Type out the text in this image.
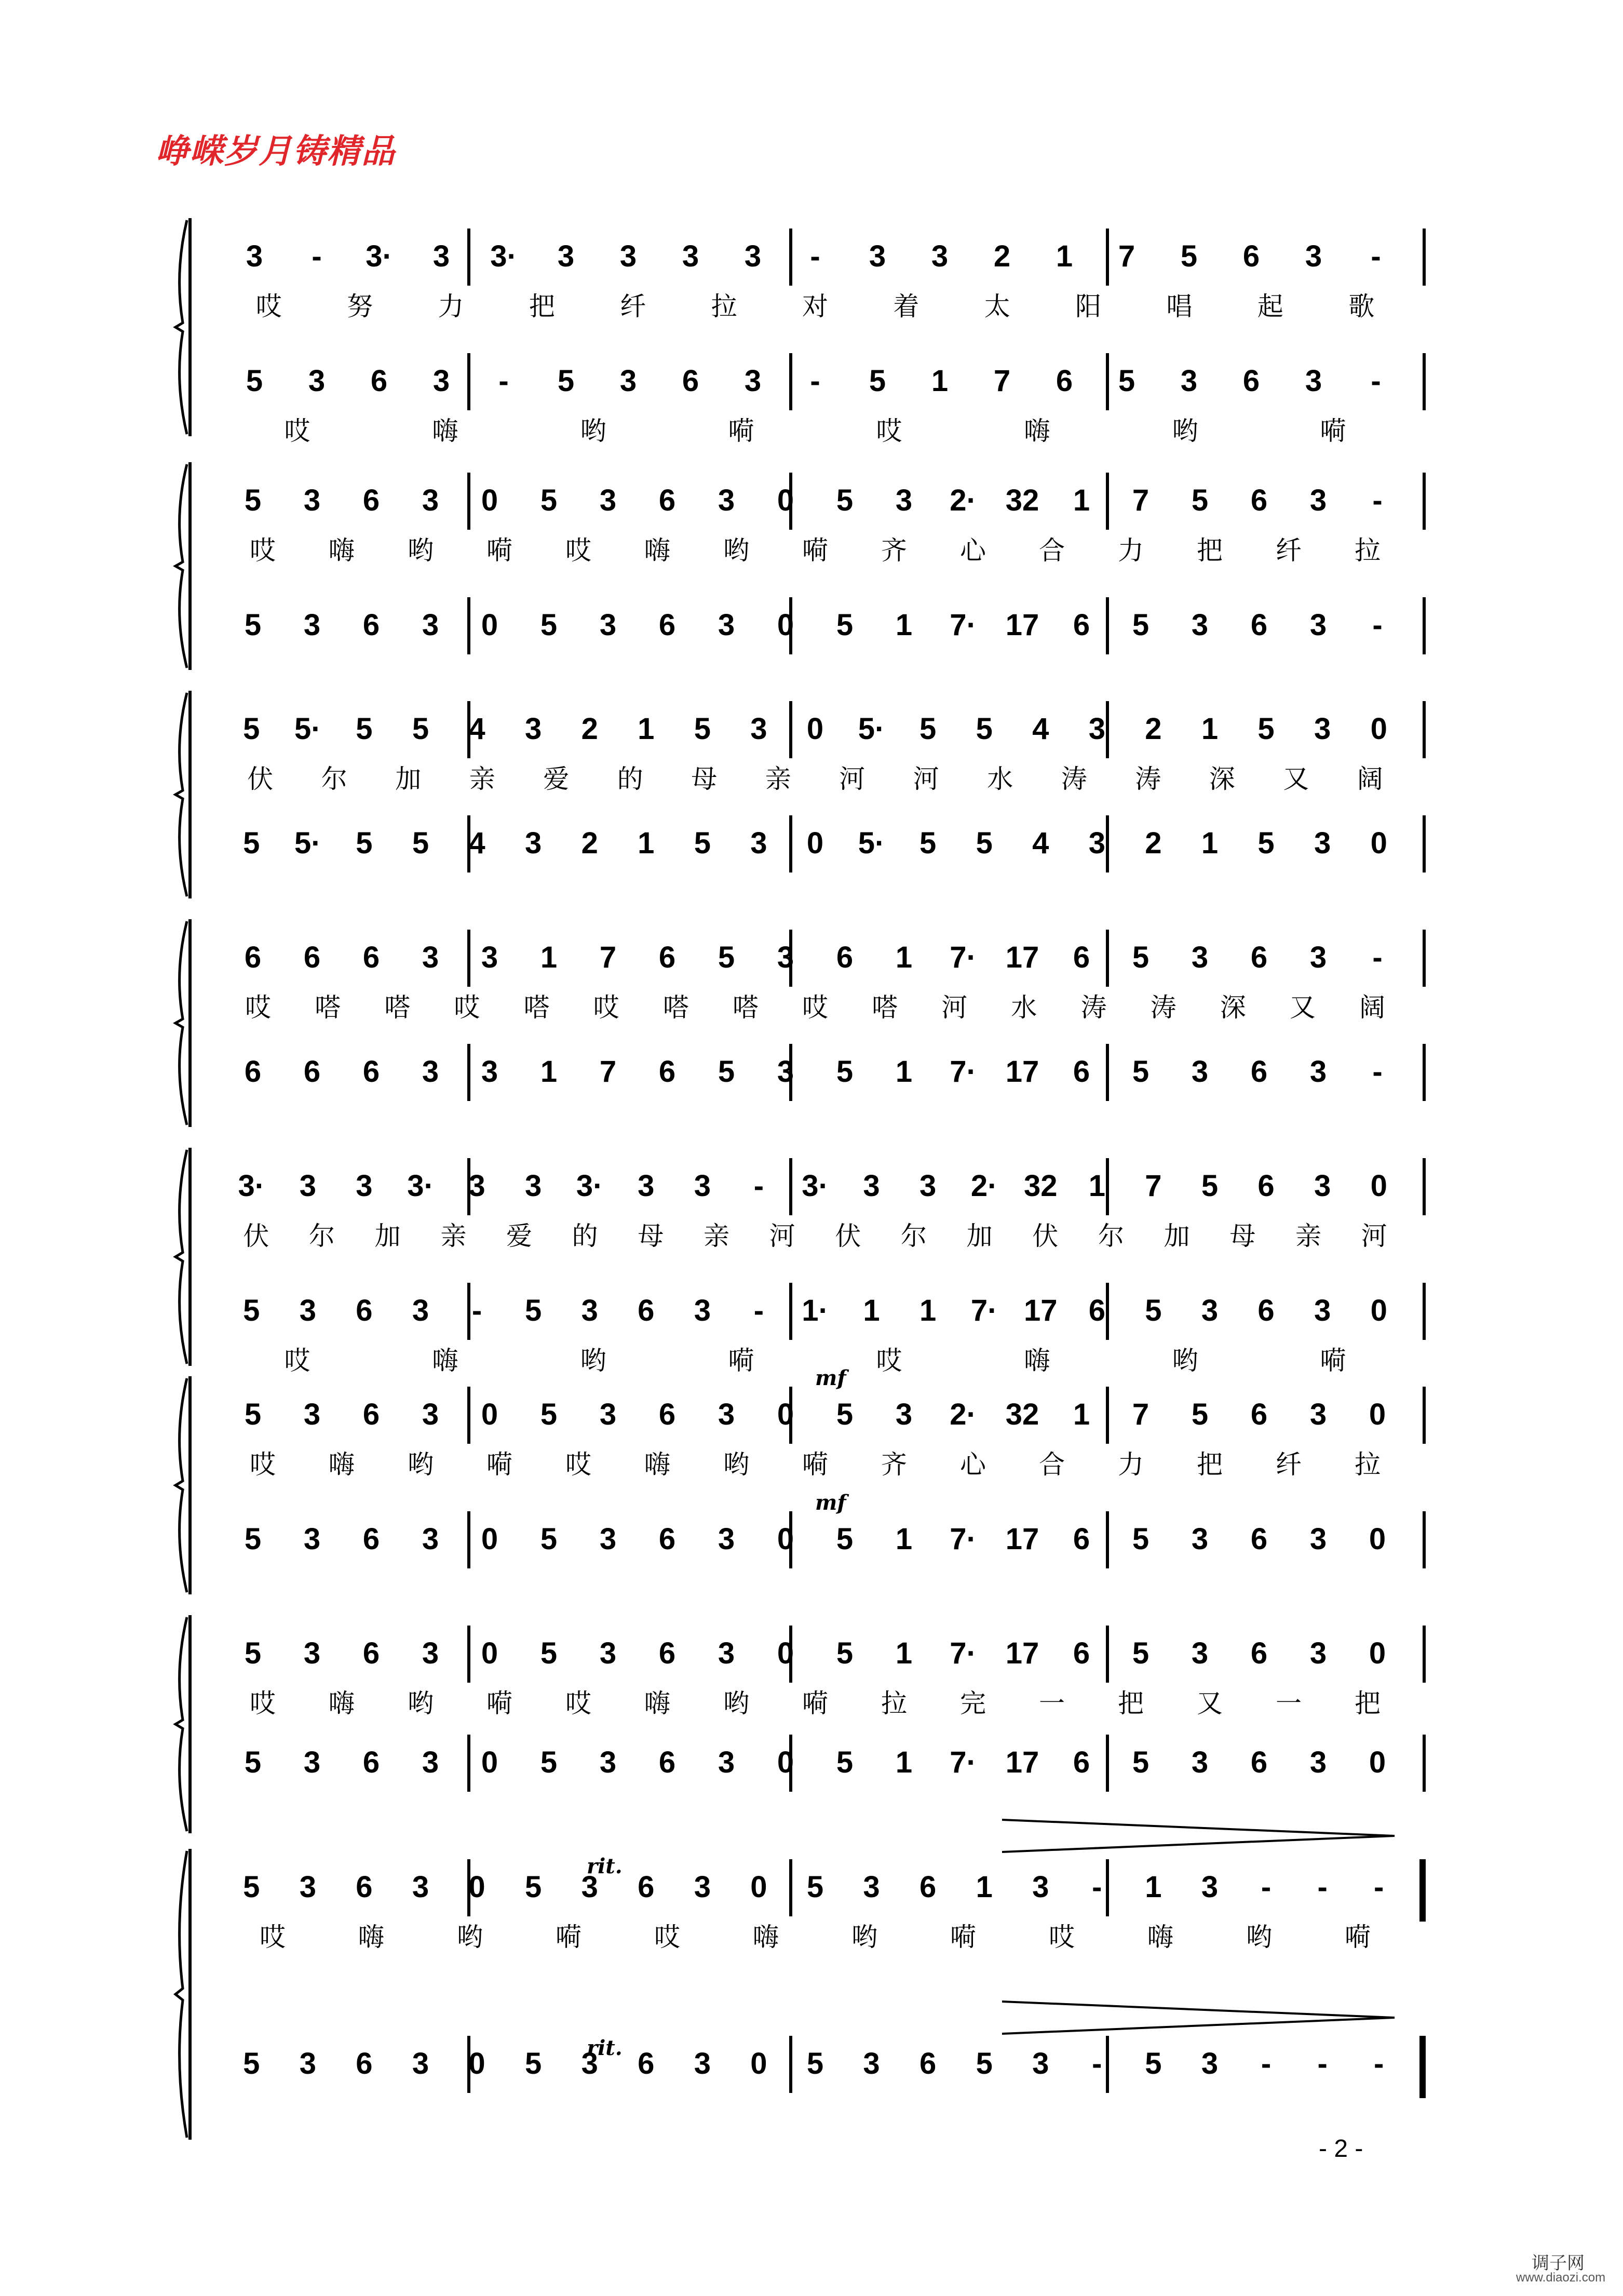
峥嵘岁月铸精品
3 - 3· 3 3· 3 3 3 3 - 3 3 2 1 7 5 6 3 -
哎	努	力	把	纤	拉	对	着	太	阳	唱	起	歌
5 3 6 3 - 5 3 6 3 - 5 1 7 6 5 3 6 3 -
哎	嗨	哟	嗬	哎	嗨	哟	嗬
5 3 6 3 0 5 3 6 3 0 5 3 2· 32 1 7 5 6 3 -
哎 嗨 哟 嗬 哎 嗨 哟 嗬 齐 心 合 力 把 纤 拉
5 3 6 3 0 5 3 6 3 0 5 1 7· 17 6 5 3 6 3 -
5 5· 5 5 4 3 2 1 5 3 0 5· 5 5 4 3 2 1 5 3 0
伏 尔 加 亲 爱 的 母 亲 河 河 水 涛 涛 深 又 阔
5 5· 5 5 4 3 2 1 5 3 0 5· 5 5 4 3 2 1 5 3 0
6 6 6 3 3 1 7 6 5 3 6 1 7· 17 6 5 3 6 3 -
哎 嗒 嗒 哎 嗒 哎 嗒 嗒 哎 嗒 河 水 涛 涛 深 又 阔
6 6 6 3 3 1 7 6 5 3 5 1 7· 17 6 5 3 6 3 -
3· 3 3 3· 3 3 3· 3 3 - 3· 3 3 2· 32 1 7 5 6 3 0
伏 尔 加 亲 爱 的 母 亲 河 伏 尔 加 伏 尔 加 母 亲 河
5 3 6 3 - 5 3 6 3 - 1· 1 1 7· 17 6 5 3 6 3 0
哎	嗨	哟	嗬	哎	嗨	哟	嗬
5 3 6 3 0 5 3 6 3 0 5 3 2· 32 1 7 5 6 3 0
哎 嗨 哟 嗬 哎 嗨 哟 嗬 齐 心 合 力 把 纤 拉
5 3 6 3 0 5 3 6 3 0 5 1 7· 17 6 5 3 6 3 0
mf
mf
5 3 6 3 0 5 3 6 3 0 5 1 7· 17 6 5 3 6 3 0
哎 嗨 哟 嗬 哎 嗨 哟 嗬 拉 完 一 把 又 一 把
5 3 6 3 0 5 3 6 3 0 5 1 7· 17 6 5 3 6 3 0
5 3 6 3 0 5 3 6 3 0 5 3 6 1 3 - 1 3 - - -
哎	嗨	哟	嗬	哎	嗨	哟	嗬	哎	嗨	哟	嗬
5 3 6 3 0 5 3 6 3 0 5 3 6 5 3 - 5 3 - - -
rit.
rit.
- 2 -
调子网
www.diaozi.com
